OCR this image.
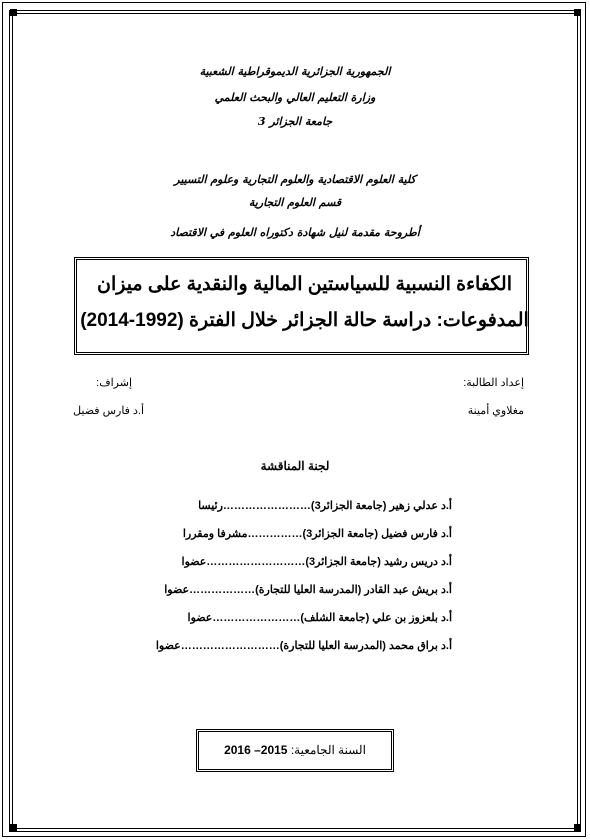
الجمهورية الجزائرية الديموقراطية الشعبية
وزارة التعليم العالي والبحث العلمي
جامعة الجزائر 3
كلية العلوم الاقتصادية والعلوم التجارية وعلوم التسيير
قسم العلوم التجارية
أطروحة مقدمة لنيل شهادة دكتوراه العلوم في الاقتصاد
الكفاءة النسبية للسياستين المالية والنقدية على ميزان
المدفوعات: دراسة حالة الجزائر خلال الفترة (1992-2014)
إعداد الطالبة:
مغلاوي أمينة
إشراف:
أ.د فارس فضيل
لجنة المناقشة
أ.د عدلي زهير (جامعة الجزائر3)……………………رئيسا
أ.د فارس فضيل (جامعة الجزائر3)……………مشرفا ومقررا
أ.د دريس رشيد (جامعة الجزائر3)………………………عضوا
أ.د بريش عبد القادر (المدرسة العليا للتجارة)………………عضوا
أ.د بلعزوز بن علي (جامعة الشلف)……………………عضوا
أ.د براق محمد (المدرسة العليا للتجارة)………………………عضوا
السنة الجامعية: 2015– 2016
